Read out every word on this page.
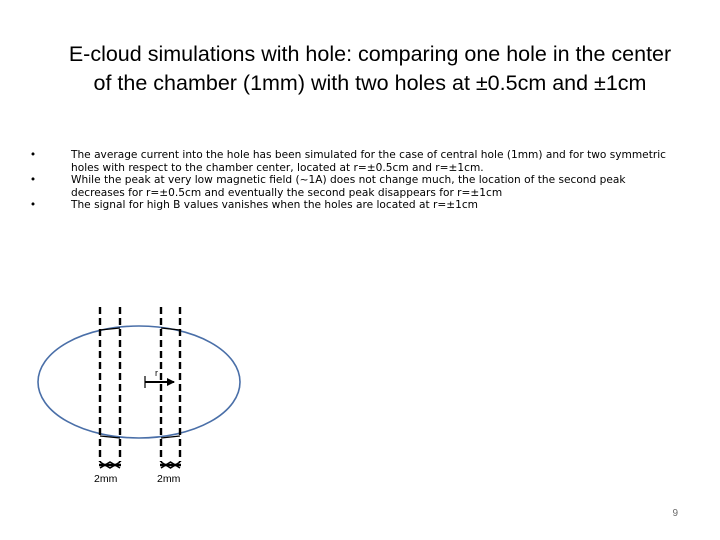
E-cloud simulations with hole: comparing one hole in the center of the chamber (1mm) with two holes at ±0.5cm and ±1cm
•	The average current into the hole has been simulated for the case of central hole (1mm) and for two symmetric holes with respect to the chamber center, located at r=±0.5cm and r=±1cm.
•	While the peak at very low magnetic field (~1A) does not change much, the location of the second peak decreases for r=±0.5cm and eventually the second peak disappears for r=±1cm
•	The signal for high B values vanishes when the holes are located at r=±1cm
r
2mm	2mm
9
